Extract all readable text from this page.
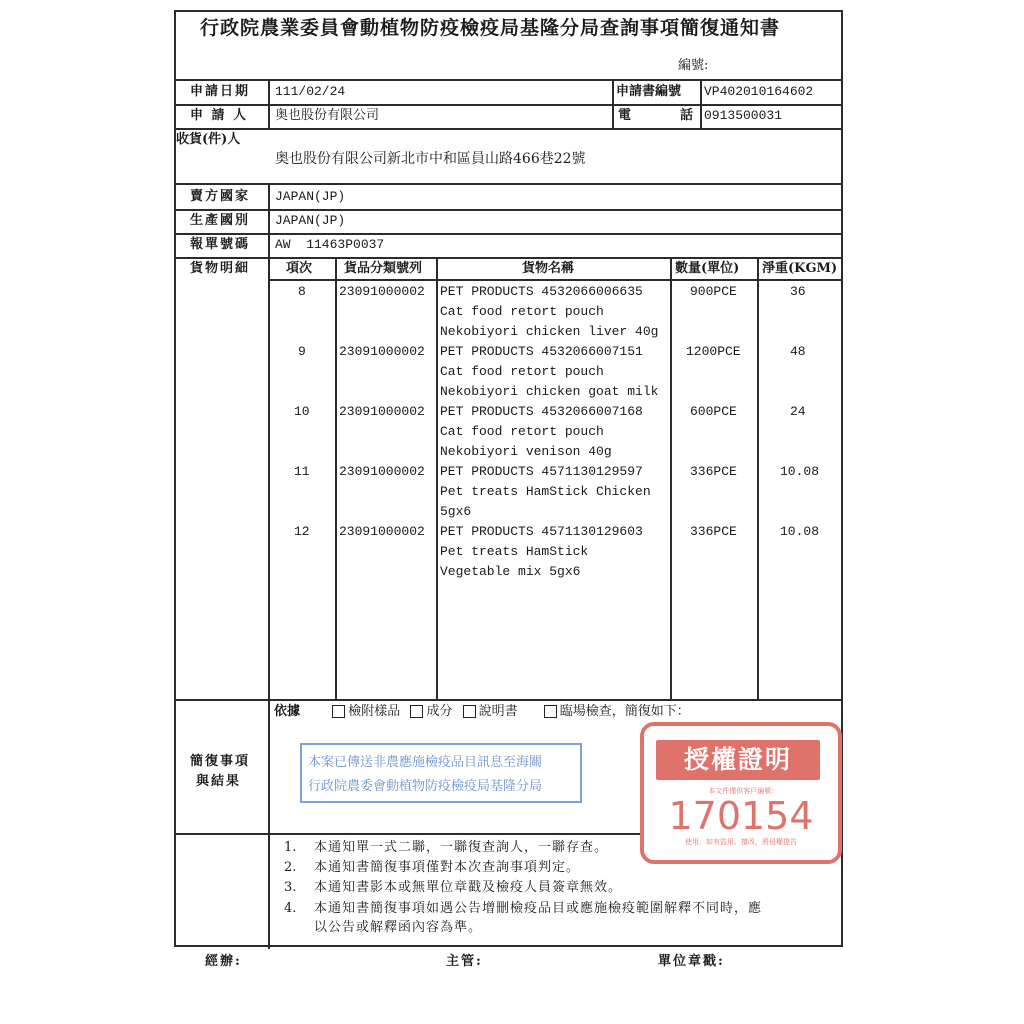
行政院農業委員會動植物防疫檢疫局基隆分局查詢事項簡復通知書
編號:
申請日期 111/02/24	申請書編號 VP402010164602
申 請 人 奥也股份有限公司	電	話 0913500031
收貨(件)人
奥也股份有限公司新北市中和區員山路466巷22號
賣方國家 JAPAN(JP)
生產國別 JAPAN(JP)
報單號碼 AW  11463P0037
貨物明細	項次 貨品分類號列	貨物名稱	數量(單位) 淨重(KGM)
8	23091000002 PET PRODUCTS 4532066006635
Cat food retort pouch
Nekobiyori chicken liver 40g
900PCE	36
9	23091000002 PET PRODUCTS 4532066007151
Cat food retort pouch
Nekobiyori chicken goat milk
1200PCE	48
10 23091000002 PET PRODUCTS 4532066007168
Cat food retort pouch
Nekobiyori venison 40g
600PCE	24
11 23091000002 PET PRODUCTS 4571130129597
Pet treats HamStick Chicken
5gx6
336PCE	10.08
12 23091000002 PET PRODUCTS 4571130129603
Pet treats HamStick
Vegetable mix 5gx6
336PCE	10.08
依據	檢附樣品 成分 說明書	臨場檢查，簡復如下：
簡復事項
與結果
本案已傳送非農應施檢疫品目訊息至海關
行政院農委會動植物防疫檢疫局基隆分局
1. 本通知單一式二聯，一聯復查詢人，一聯存查。
2. 本通知書簡復事項僅對本次查詢事項判定。
3. 本通知書影本或無單位章戳及檢疫人員簽章無效。
4. 本通知書簡復事項如遇公告增刪檢疫品目或應施檢疫範圍解釋不同時，應
以公告或解釋函內容為準。
授權證明
本文件僅供客戶編號:
170154
使用，如有盜用、擅改，將侵權提告
經辦:	主管:	單位章戳:
